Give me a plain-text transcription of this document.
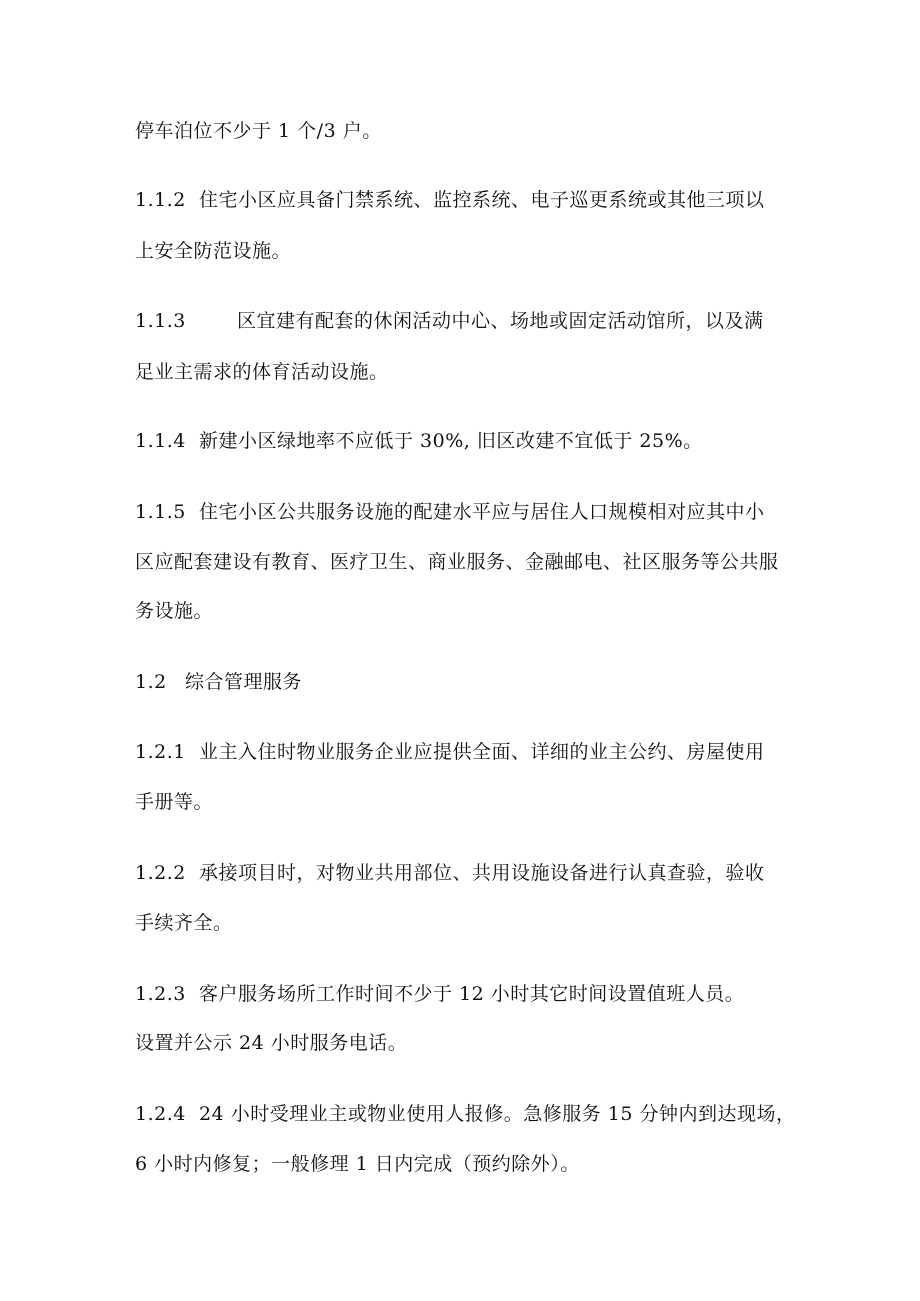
停车泊位不少于 1 个/3 户。
1.1.2 住宅小区应具备门禁系统、监控系统、电子巡更系统或其他三项以
上安全防范设施。
1.1.3	区宜建有配套的休闲活动中心、场地或固定活动馆所，以及满
足业主需求的体育活动设施。
1.1.4 新建小区绿地率不应低于 30%, 旧区改建不宜低于 25%。
1.1.5 住宅小区公共服务设施的配建水平应与居住人口规模相对应其中小
区应配套建设有教育、医疗卫生、商业服务、金融邮电、社区服务等公共服
务设施。
1.2 综合管理服务
1.2.1 业主入住时物业服务企业应提供全面、详细的业主公约、房屋使用
手册等。
1.2.2 承接项目时，对物业共用部位、共用设施设备进行认真查验，验收
手续齐全。
1.2.3 客户服务场所工作时间不少于 12 小时其它时间设置值班人员。
设置并公示 24 小时服务电话。
1.2.4 24 小时受理业主或物业使用人报修。急修服务 15 分钟内到达现场，
6 小时内修复；一般修理 1 日内完成（预约除外）。
